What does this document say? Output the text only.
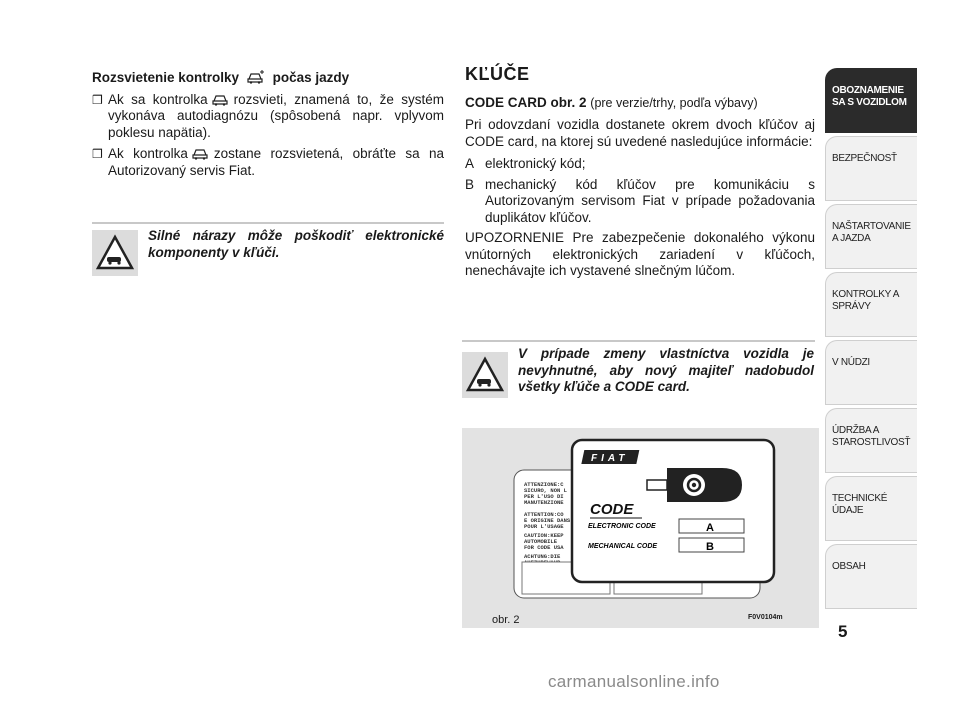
Rozsvietenie kontrolky počas jazdy
❒ Ak sa kontrolka rozsvieti, znamená to, že systém vykonáva autodiagnózu (spôsobená napr. vplyvom poklesu napätia).
❒ Ak kontrolka zostane rozsvietená, obráťte sa na Autorizovaný servis Fiat.
Silné nárazy môže poškodiť elektronické komponenty v kľúči.
KĽÚČE
CODE CARD obr. 2 (pre verzie/trhy, podľa výbavy)
Pri odovzdaní vozidla dostanete okrem dvoch kľúčov aj CODE card, na ktorej sú uvedené nasledujúce informácie:
A elektronický kód;
B mechanický kód kľúčov pre komunikáciu s Autorizovaným servisom Fiat v prípade požadovania duplikátov kľúčov.
UPOZORNENIE Pre zabezpečenie dokonalého výkonu vnútorných elektronických zariadení v kľúčoch, nenechávajte ich vystavené slnečným lúčom.
V prípade zmeny vlastníctva vozidla je nevyhnutné, aby nový majiteľ nadobudol všetky kľúče a CODE card.
ATTENZIONE:C
SICURO, NON L
PER L'USO DI
MANUTENZIONE
ATTENTION:CO
E ORIGINE DANS
POUR L'USAGE
CAUTION:KEEP
AUTOMOBILE
FOR CODE USA
ACHTUNG:DIE
FIAT
CODE
ELECTRONIC CODE	A
MECHANICAL CODE	B
obr. 2	F0V0104m
OBOZNAMENIE SA S VOZIDLOM
BEZPEČNOSŤ
NAŠTARTOVANIE A JAZDA
KONTROLKY A SPRÁVY
V NÚDZI
ÚDRŽBA A STAROSTLIVOSŤ
TECHNICKÉ ÚDAJE
OBSAH
5
carmanualsonline.info
